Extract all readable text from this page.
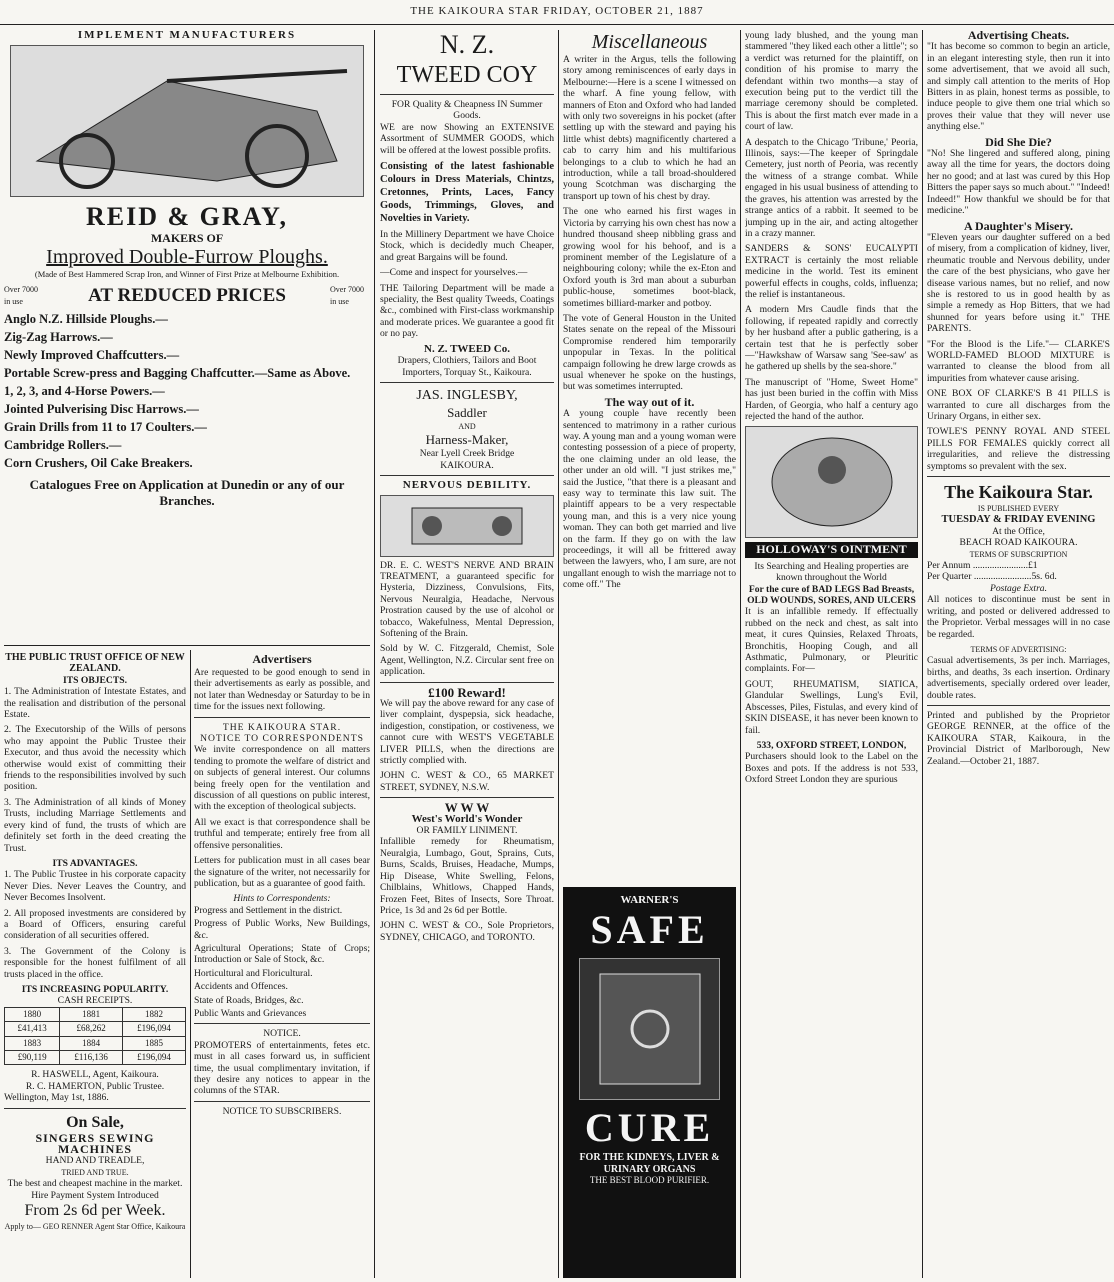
THE KAIKOURA STAR FRIDAY, OCTOBER 21, 1887
IMPLEMENT MANUFACTURERS
REID & GRAY,
MAKERS OF
Improved Double-Furrow Ploughs.
(Made of Best Hammered Scrap Iron, and Winner of First Prize at Melbourne Exhibition.
Over 7000 in use	AT REDUCED PRICES	Over 7000 in use

Anglo N.Z. Hillside Ploughs.—

Zig-Zag Harrows.—

Newly Improved Chaffcutters.—

Portable Screw-press and Bagging Chaffcutter.—Same as Above.

1, 2, 3, and 4-Horse Powers.—

Jointed Pulverising Disc Harrows.—

Grain Drills from 11 to 17 Coulters.—

Cambridge Rollers.—

Corn Crushers, Oil Cake Breakers.

Catalogues Free on Application at Dunedin or any of our Branches.
THE PUBLIC TRUST OFFICE OF NEW ZEALAND.
ITS OBJECTS.

1. The Administration of Intestate Estates, and the realisation and distribution of the personal Estate.

2. The Executorship of the Wills of persons who may appoint the Public Trustee their Executor, and thus avoid the necessity which otherwise would exist of committing their friends to the responsibilities involved by such position.

3. The Administration of all kinds of Money Trusts, including Marriage Settlements and every kind of fund, the trusts of which are definitely set forth in the deed creating the Trust.

ITS ADVANTAGES.

1. The Public Trustee in his corporate capacity Never Dies. Never Leaves the Country, and Never Becomes Insolvent.

2. All proposed investments are considered by a Board of Officers, ensuring careful consideration of all securities offered.

3. The Government of the Colony is responsible for the honest fulfilment of all trusts placed in the office.

ITS INCREASING POPULARITY.
CASH RECEIPTS.
1880	1881	1882
£41,413	£68,262	£196,094
1883	1884	1885
£90,119	£116,136	£196,094
R. HASWELL, Agent, Kaikoura.
R. C. HAMERTON, Public Trustee.
Wellington, May 1st, 1886.
On Sale,
SINGERS SEWING MACHINES
HAND AND TREADLE,
TRIED AND TRUE.
The best and cheapest machine in the market.
Hire Payment System Introduced
From 2s 6d per Week.
Apply to— GEO RENNER Agent Star Office, Kaikoura
Advertisers

Are requested to be good enough to send in their advertisements as early as possible, and not later than Wednesday or Saturday to be in time for the issues next following.

THE KAIKOURA STAR.
NOTICE TO CORRESPONDENTS

We invite correspondence on all matters tending to promote the welfare of district and on subjects of general interest. Our columns being freely open for the ventilation and discussion of all questions on public interest, with the exception of theological subjects.

All we exact is that correspondence shall be truthful and temperate; entirely free from all offensive personalities.

Letters for publication must in all cases bear the signature of the writer, not necessarily for publication, but as a guarantee of good faith.

Hints to Correspondents:

Progress and Settlement in the district.

Progress of Public Works, New Buildings, &c.

Agricultural Operations; State of Crops; Introduction or Sale of Stock, &c.

Horticultural and Floricultural.

Accidents and Offences.

State of Roads, Bridges, &c.

Public Wants and Grievances

NOTICE.

PROMOTERS of entertainments, fetes etc. must in all cases forward us, in sufficient time, the usual complimentary invitation, if they desire any notices to appear in the columns of the STAR.

NOTICE TO SUBSCRIBERS.
N. Z.
TWEED COY
FOR Quality & Cheapness IN Summer Goods.

WE are now Showing an EXTENSIVE Assortment of SUMMER GOODS, which will be offered at the lowest possible profits.

Consisting of the latest fashionable Colours in Dress Materials, Chintzs, Cretonnes, Prints, Laces, Fancy Goods, Trimmings, Gloves, and Novelties in Variety.

In the Millinery Department we have Choice Stock, which is decidedly much Cheaper, and great Bargains will be found.

—Come and inspect for yourselves.—

THE Tailoring Department will be made a speciality, the Best quality Tweeds, Coatings &c., combined with First-class workmanship and moderate prices. We guarantee a good fit or no pay.

N. Z. TWEED Co.
Drapers, Clothiers, Tailors and Boot Importers, Torquay St., Kaikoura.
JAS. INGLESBY,
Saddler
AND
Harness-Maker,
Near Lyell Creek Bridge
KAIKOURA.
NERVOUS DEBILITY.

DR. E. C. WEST'S NERVE AND BRAIN TREATMENT, a guaranteed specific for Hysteria, Dizziness, Convulsions, Fits, Nervous Neuralgia, Headache, Nervous Prostration caused by the use of alcohol or tobacco, Wakefulness, Mental Depression, Softening of the Brain.

Sold by W. C. Fitzgerald, Chemist, Sole Agent, Wellington, N.Z. Circular sent free on application.

£100 Reward!

We will pay the above reward for any case of liver complaint, dyspepsia, sick headache, indigestion, constipation, or costiveness, we cannot cure with WEST'S VEGETABLE LIVER PILLS, when the directions are strictly complied with.

JOHN C. WEST & CO., 65 MARKET STREET, SYDNEY, N.S.W.

W W W
West's World's Wonder
OR FAMILY LINIMENT.

Infallible remedy for Rheumatism, Neuralgia, Lumbago, Gout, Sprains, Cuts, Burns, Scalds, Bruises, Headache, Mumps, Hip Disease, White Swelling, Felons, Chilblains, Whitlows, Chapped Hands, Frozen Feet, Bites of Insects, Sore Throat. Price, 1s 3d and 2s 6d per Bottle.

JOHN C. WEST & CO., Sole Proprietors, SYDNEY, CHICAGO, and TORONTO.

Miscellaneous

A writer in the Argus, tells the following story among reminiscences of early days in Melbourne:—Here is a scene I witnessed on the wharf. A fine young fellow, with manners of Eton and Oxford who had landed with only two sovereigns in his pocket (after settling up with the steward and paying his little whist debts) magnificently chartered a cab to carry him and his multifarious belongings to a club to which he had an introduction, while a tall broad-shouldered young Scotchman was discharging the transport up town of his chest by dray.

The one who earned his first wages in Victoria by carrying his own chest has now a hundred thousand sheep nibbling grass and growing wool for his behoof, and is a prominent member of the Legislature of a neighbouring colony; while the ex-Eton and Oxford youth is 3rd man about a suburban public-house, sometimes boot-black, sometimes billiard-marker and potboy.

The vote of General Houston in the United States senate on the repeal of the Missouri Compromise rendered him temporarily unpopular in Texas. In the political campaign following he drew large crowds as usual whenever he spoke on the hustings, but was sometimes interrupted.

The way out of it.

A young couple have recently been sentenced to matrimony in a rather curious way. A young man and a young woman were contesting possession of a piece of property, the one claiming under an old lease, the other under an old will. "I just strikes me," said the Justice, "that there is a pleasant and easy way to terminate this law suit. The plaintiff appears to be a very respectable young man, and this is a very nice young woman. They can both get married and live on the farm. If they go on with the law proceedings, it will all be frittered away between the lawyers, who, I am sure, are not ungallant enough to wish the marriage not to come off." The

WARNER'S
SAFE
CURE
FOR THE KIDNEYS, LIVER & URINARY ORGANS
THE BEST BLOOD PURIFIER.

young lady blushed, and the young man stammered "they liked each other a little"; so a verdict was returned for the plaintiff, on condition of his promise to marry the defendant within two months—a stay of execution being put to the verdict till the marriage ceremony should be completed. This is about the first match ever made in a court of law.

A despatch to the Chicago 'Tribune,' Peoria, Illinois, says:—The keeper of Springdale Cemetery, just north of Peoria, was recently the witness of a strange combat. While engaged in his usual business of attending to the graves, his attention was arrested by the strange antics of a rabbit. It seemed to be jumping up in the air, and acting altogether in a crazy manner.

SANDERS & SONS' EUCALYPTI EXTRACT is certainly the most reliable medicine in the world. Test its eminent powerful effects in coughs, colds, influenza; the relief is instantaneous.

A modern Mrs Caudle finds that the following, if repeated rapidly and correctly by her husband after a public gathering, is a certain test that he is perfectly sober—"Hawkshaw of Warsaw sang 'See-saw' as he gathered up shells by the sea-shore."

The manuscript of "Home, Sweet Home" has just been buried in the coffin with Miss Harden, of Georgia, who half a century ago rejected the hand of the author.

HOLLOWAY'S OINTMENT
Its Searching and Healing properties are known throughout the World
For the cure of BAD LEGS Bad Breasts,
OLD WOUNDS, SORES, AND ULCERS

It is an infallible remedy. If effectually rubbed on the neck and chest, as salt into meat, it cures Quinsies, Relaxed Throats, Bronchitis, Hooping Cough, and all Asthmatic, Pulmonary, or Pleuritic complaints. For—

GOUT, RHEUMATISM, SIATICA, Glandular Swellings, Lung's Evil, Abscesses, Piles, Fistulas, and every kind of SKIN DISEASE, it has never been known to fail.

533, OXFORD STREET, LONDON,

Purchasers should look to the Label on the Boxes and pots. If the address is not 533, Oxford Street London they are spurious

Advertising Cheats.

"It has become so common to begin an article, in an elegant interesting style, then run it into some advertisement, that we avoid all such, and simply call attention to the merits of Hop Bitters in as plain, honest terms as possible, to induce people to give them one trial which so proves their value that they will never use anything else."

Did She Die?

"No! She lingered and suffered along, pining away all the time for years, the doctors doing her no good; and at last was cured by this Hop Bitters the paper says so much about." "Indeed! Indeed!" How thankful we should be for that medicine."

A Daughter's Misery.

"Eleven years our daughter suffered on a bed of misery, from a complication of kidney, liver, rheumatic trouble and Nervous debility, under the care of the best physicians, who gave her disease various names, but no relief, and now she is restored to us in good health by as simple a remedy as Hop Bitters, that we had shunned for years before using it." THE PARENTS.

"For the Blood is the Life."— CLARKE'S WORLD-FAMED BLOOD MIXTURE is warranted to cleanse the blood from all impurities from whatever cause arising.

ONE BOX OF CLARKE'S B 41 PILLS is warranted to cure all discharges from the Urinary Organs, in either sex.

TOWLE'S PENNY ROYAL AND STEEL PILLS FOR FEMALES quickly correct all irregularities, and relieve the distressing symptoms so prevalent with the sex.

The Kaikoura Star.
IS PUBLISHED EVERY
TUESDAY & FRIDAY EVENING
At the Office,
BEACH ROAD KAIKOURA.
TERMS OF SUBSCRIPTION
Per Annum .......................£1
Per Quarter ........................5s. 6d.
Postage Extra.

All notices to discontinue must be sent in writing, and posted or delivered addressed to the Proprietor. Verbal messages will in no case be regarded.

TERMS OF ADVERTISING:

Casual advertisements, 3s per inch. Marriages, births, and deaths, 3s each insertion. Ordinary advertisements, specially ordered over leader, double rates.

Printed and published by the Proprietor GEORGE RENNER, at the office of the KAIKOURA STAR, Kaikoura, in the Provincial District of Marlborough, New Zealand.—October 21, 1887.
